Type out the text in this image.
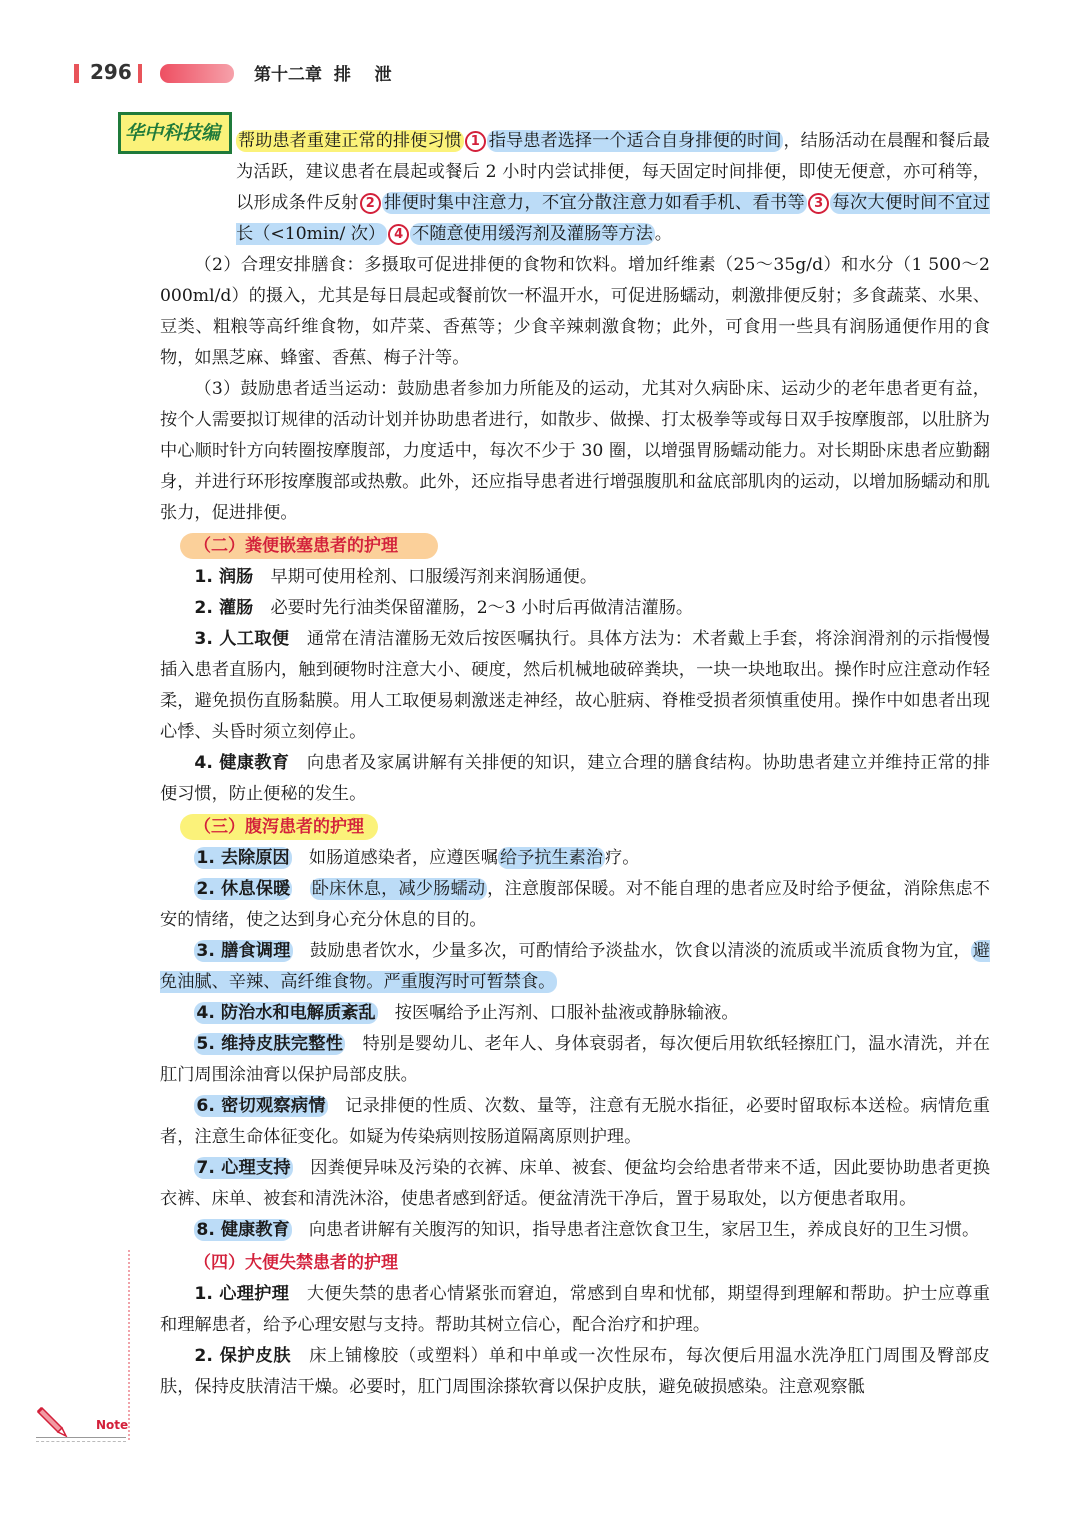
296	第十二章  排    泄
华中科技编	帮助患者重建正常的排便习惯 1 指导患者选择一个适合自身排便的时间 ，结肠活动在晨醒和餐后最为活跃，建议患者在晨起或餐后 2 小时内尝试排便，每天固定时间排便，即使无便意，亦可稍等，以形成条件反射 2 排便时集中注意力，不宜分散注意力如看手机、看书等 3 每次大便时间不宜过长（<10min/ 次） 4 不随意使用缓泻剂及灌肠等方法 。

（2）合理安排膳食：多摄取可促进排便的食物和饮料。增加纤维素（25～35g/d）和水分（1 500～2 000ml/d）的摄入，尤其是每日晨起或餐前饮一杯温开水，可促进肠蠕动，刺激排便反射；多食蔬菜、水果、豆类、粗粮等高纤维食物，如芹菜、香蕉等；少食辛辣刺激食物；此外，可食用一些具有润肠通便作用的食物，如黑芝麻、蜂蜜、香蕉、梅子汁等。

（3）鼓励患者适当运动：鼓励患者参加力所能及的运动，尤其对久病卧床、运动少的老年患者更有益，按个人需要拟订规律的活动计划并协助患者进行，如散步、做操、打太极拳等或每日双手按摩腹部，以肚脐为中心顺时针方向转圈按摩腹部，力度适中，每次不少于 30 圈，以增强胃肠蠕动能力。对长期卧床患者应勤翻身，并进行环形按摩腹部或热敷。此外，还应指导患者进行增强腹肌和盆底部肌肉的运动，以增加肠蠕动和肌张力，促进排便。

（二）粪便嵌塞患者的护理

1. 润肠　 早期可使用栓剂、口服缓泻剂来润肠通便。

2. 灌肠　 必要时先行油类保留灌肠，2～3 小时后再做清洁灌肠。

3. 人工取便　 通常在清洁灌肠无效后按医嘱执行。具体方法为：术者戴上手套，将涂润滑剂的示指慢慢插入患者直肠内，触到硬物时注意大小、硬度，然后机械地破碎粪块，一块一块地取出。操作时应注意动作轻柔，避免损伤直肠黏膜。用人工取便易刺激迷走神经，故心脏病、脊椎受损者须慎重使用。操作中如患者出现心悸、头昏时须立刻停止。

4. 健康教育　 向患者及家属讲解有关排便的知识，建立合理的膳食结构。协助患者建立并维持正常的排便习惯，防止便秘的发生。

（三）腹泻患者的护理

1. 去除原因　 如肠道感染者，应遵医嘱 给予抗生素治 疗。

2. 休息保暖　 卧床休息，减少肠蠕动 ，注意腹部保暖。对不能自理的患者应及时给予便盆，消除焦虑不安的情绪，使之达到身心充分休息的目的。

3. 膳食调理　 鼓励患者饮水，少量多次，可酌情给予淡盐水，饮食以清淡的流质或半流质食物为宜， 避免油腻、辛辣、高纤维食物。严重腹泻时可暂禁食。

4. 防治水和电解质紊乱　 按医嘱给予止泻剂、口服补盐液或静脉输液。

5. 维持皮肤完整性　 特别是婴幼儿、老年人、身体衰弱者，每次便后用软纸轻擦肛门，温水清洗，并在肛门周围涂油膏以保护局部皮肤。

6. 密切观察病情　 记录排便的性质、次数、量等，注意有无脱水指征，必要时留取标本送检。病情危重者，注意生命体征变化。如疑为传染病则按肠道隔离原则护理。

7. 心理支持　 因粪便异味及污染的衣裤、床单、被套、便盆均会给患者带来不适，因此要协助患者更换衣裤、床单、被套和清洗沐浴，使患者感到舒适。便盆清洗干净后，置于易取处，以方便患者取用。

8. 健康教育　 向患者讲解有关腹泻的知识，指导患者注意饮食卫生，家居卫生，养成良好的卫生习惯。

（四）大便失禁患者的护理

1. 心理护理　 大便失禁的患者心情紧张而窘迫，常感到自卑和忧郁，期望得到理解和帮助。护士应尊重和理解患者，给予心理安慰与支持。帮助其树立信心，配合治疗和护理。

2. 保护皮肤　 床上铺橡胶（或塑料）单和中单或一次性尿布，每次便后用温水洗净肛门周围及臀部皮肤，保持皮肤清洁干燥。必要时，肛门周围涂搽软膏以保护皮肤，避免破损感染。注意观察骶

Note
